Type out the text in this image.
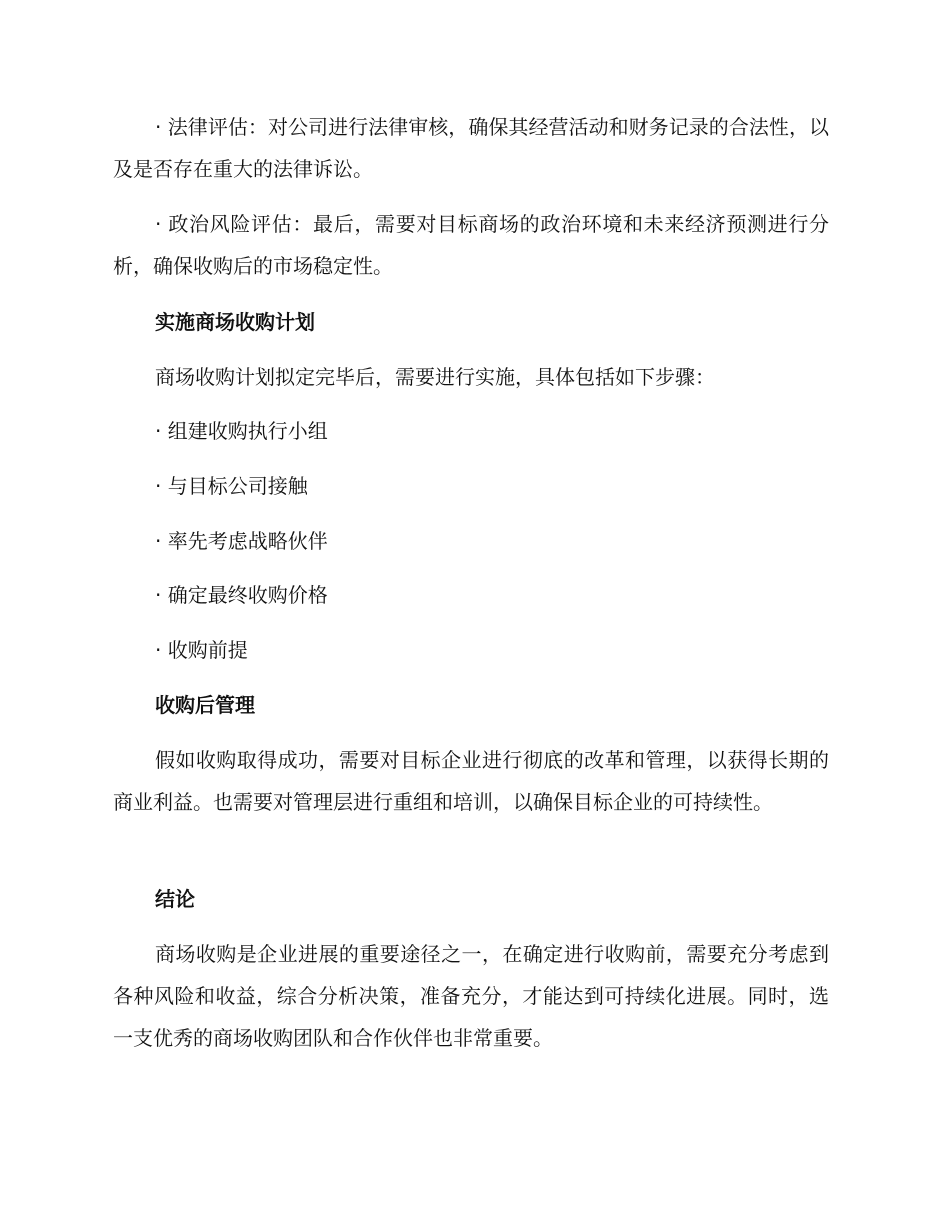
· 法律评估：对公司进行法律审核，确保其经营活动和财务记录的合法性，以及是否存在重大的法律诉讼。

· 政治风险评估：最后，需要对目标商场的政治环境和未来经济预测进行分析，确保收购后的市场稳定性。

实施商场收购计划

商场收购计划拟定完毕后，需要进行实施，具体包括如下步骤：

· 组建收购执行小组

· 与目标公司接触

· 率先考虑战略伙伴

· 确定最终收购价格

· 收购前提

收购后管理

假如收购取得成功，需要对目标企业进行彻底的改革和管理，以获得长期的商业利益。也需要对管理层进行重组和培训，以确保目标企业的可持续性。

结论

商场收购是企业进展的重要途径之一，在确定进行收购前，需要充分考虑到各种风险和收益，综合分析决策，准备充分，才能达到可持续化进展。同时，选一支优秀的商场收购团队和合作伙伴也非常重要。
